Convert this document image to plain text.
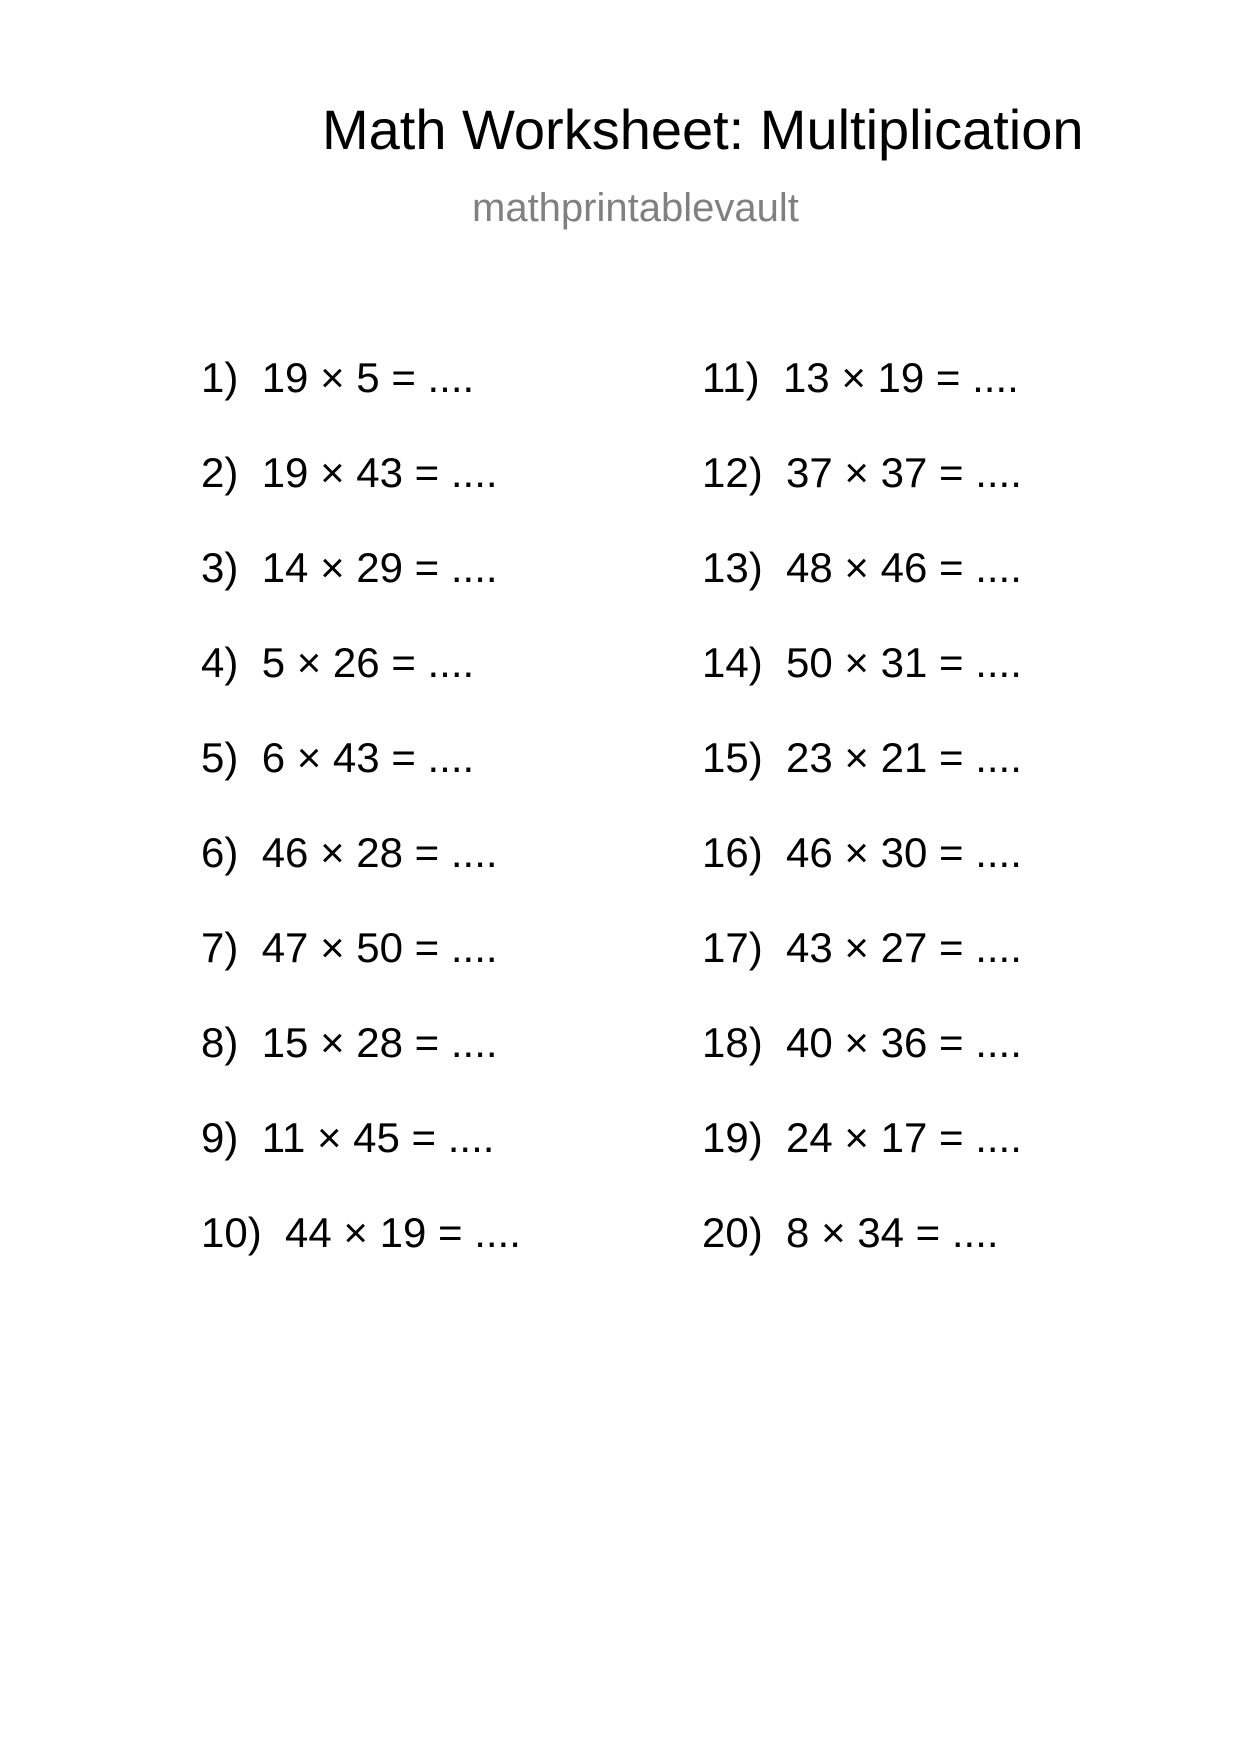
Math Worksheet: Multiplication
mathprintablevault
1) 19 × 5 = ....
2) 19 × 43 = ....
3) 14 × 29 = ....
4) 5 × 26 = ....
5) 6 × 43 = ....
6) 46 × 28 = ....
7) 47 × 50 = ....
8) 15 × 28 = ....
9) 11 × 45 = ....
10) 44 × 19 = ....
11) 13 × 19 = ....
12) 37 × 37 = ....
13) 48 × 46 = ....
14) 50 × 31 = ....
15) 23 × 21 = ....
16) 46 × 30 = ....
17) 43 × 27 = ....
18) 40 × 36 = ....
19) 24 × 17 = ....
20) 8 × 34 = ....
